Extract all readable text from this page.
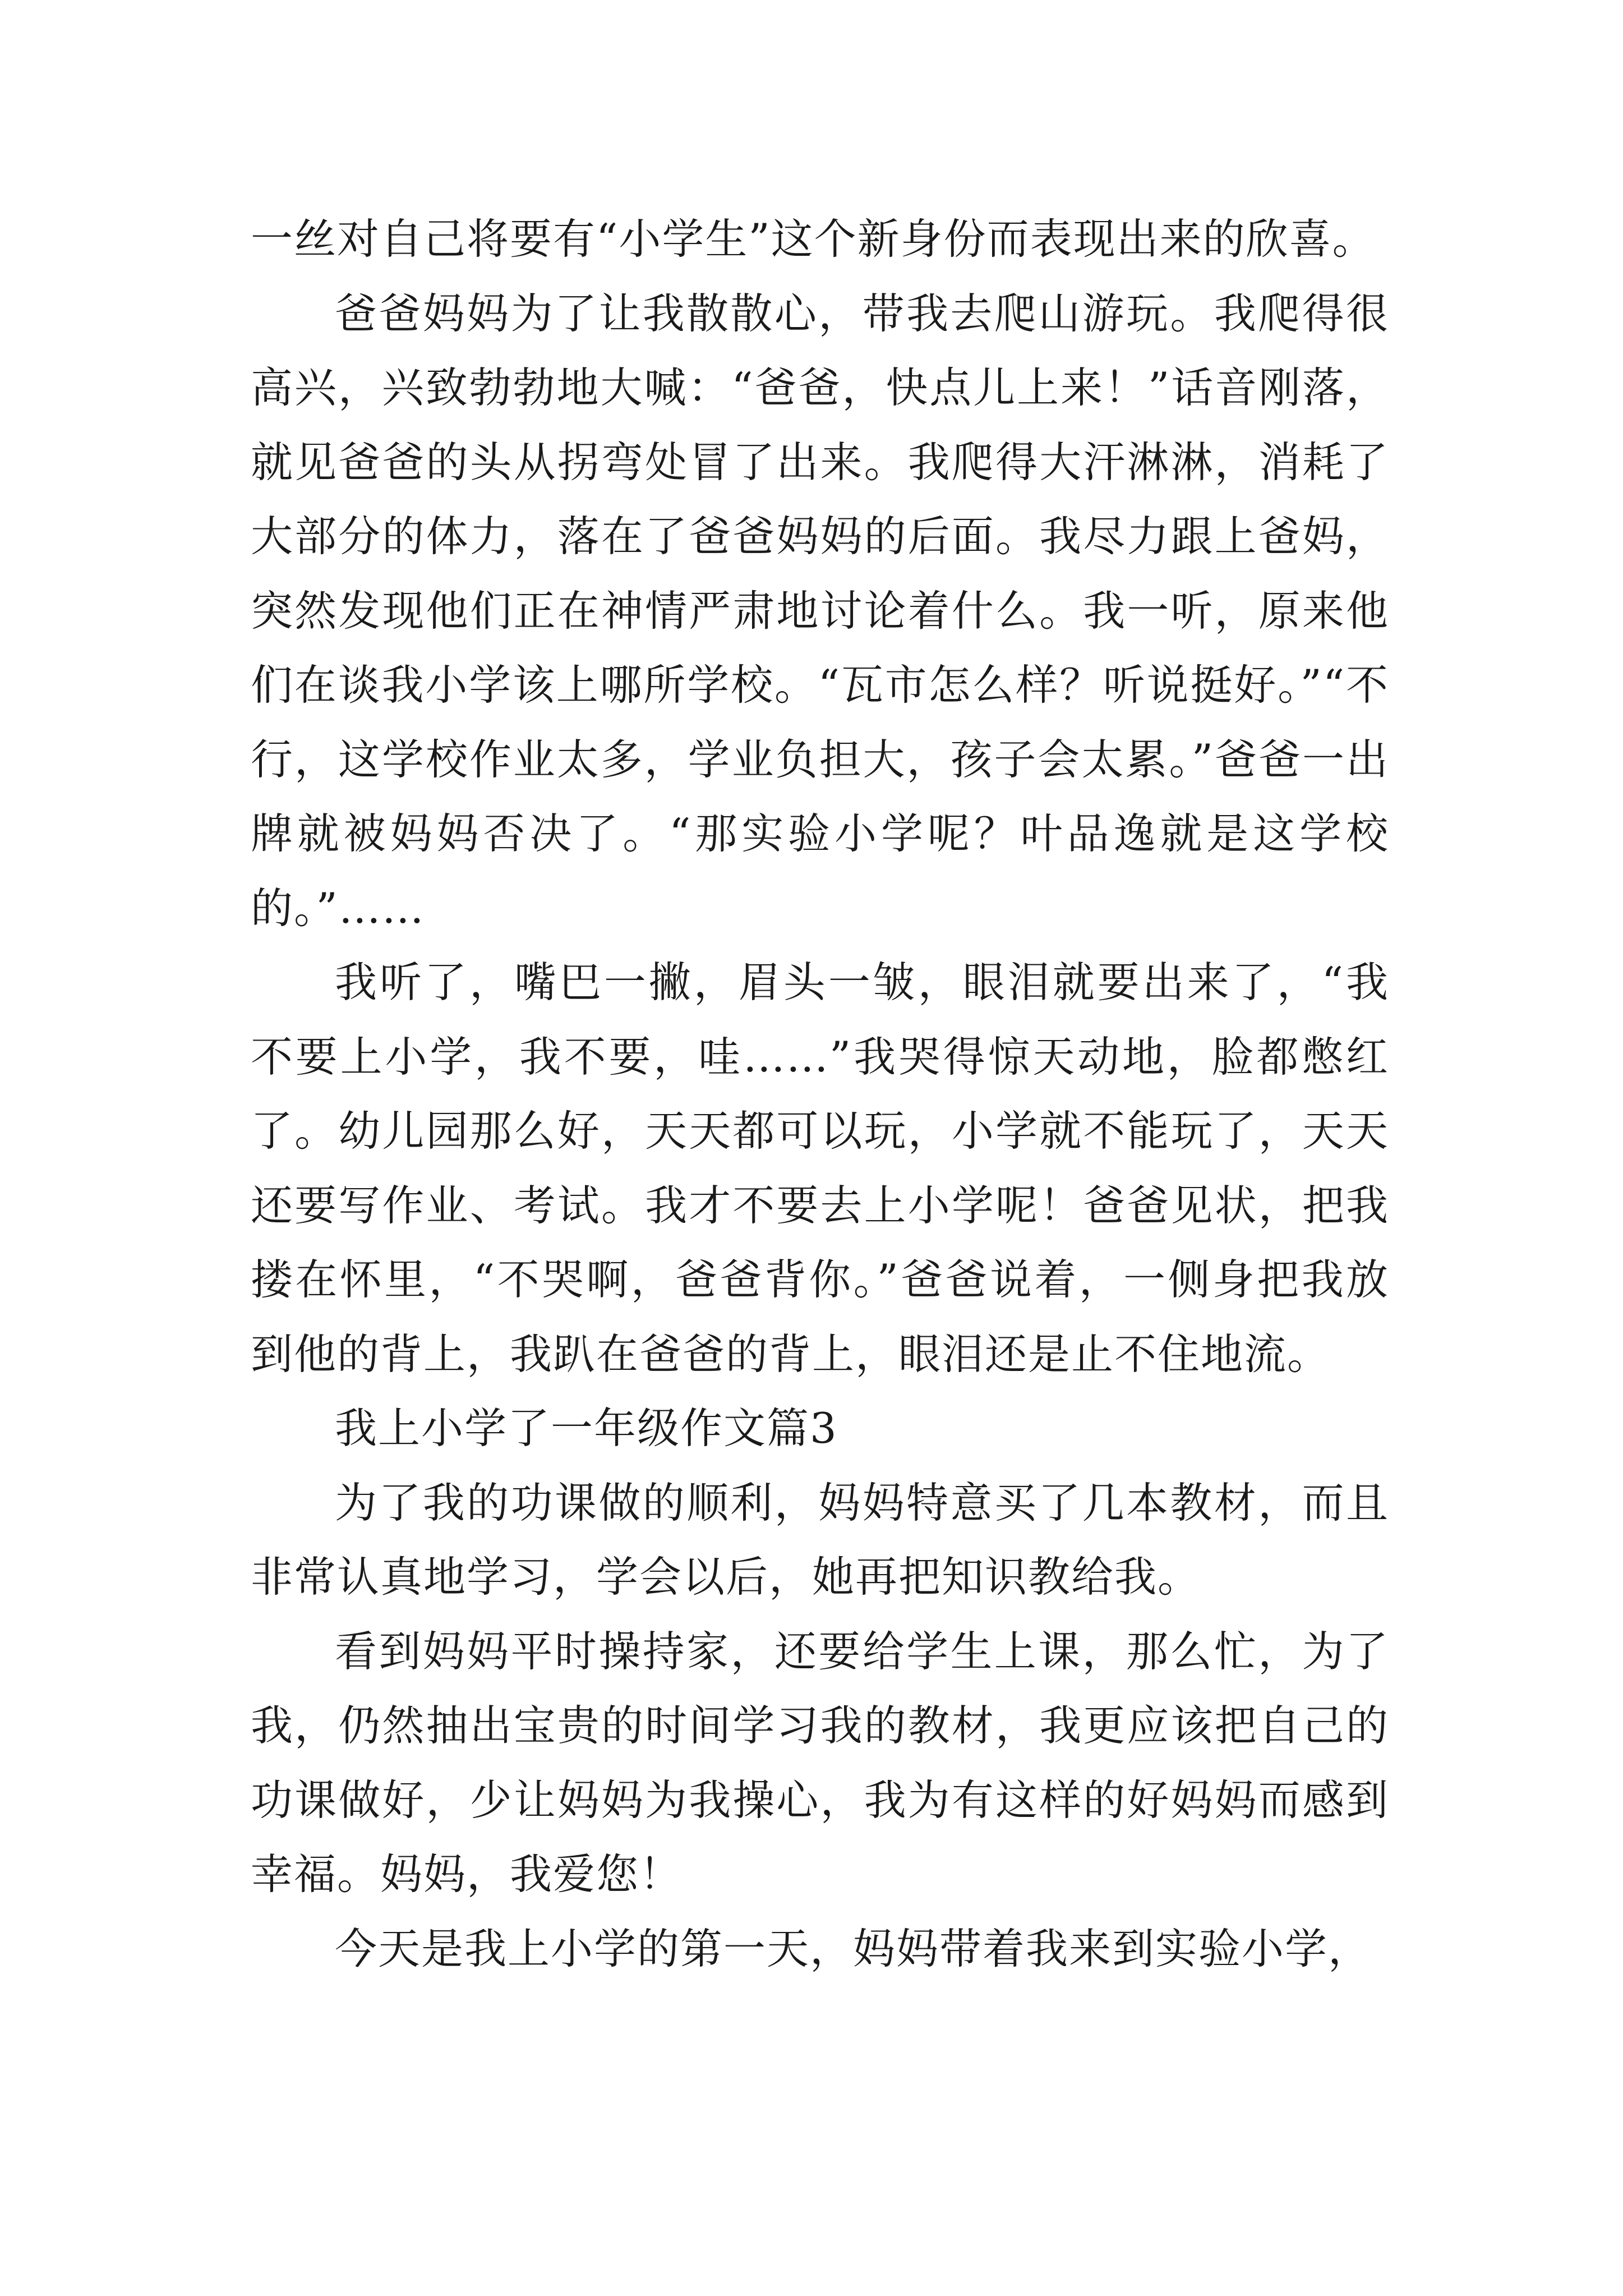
一丝对自己将要有“小学生”这个新身份而表现出来的欣喜。

爸爸妈妈为了让我散散心，带我去爬山游玩。我爬得很高兴，兴致勃勃地大喊：“爸爸，快点儿上来！”话音刚落，就见爸爸的头从拐弯处冒了出来。我爬得大汗淋淋，消耗了大部分的体力，落在了爸爸妈妈的后面。我尽力跟上爸妈，突然发现他们正在神情严肃地讨论着什么。我一听，原来他们在谈我小学该上哪所学校。“瓦市怎么样？听说挺好。”“不行，这学校作业太多，学业负担大，孩子会太累。”爸爸一出牌就被妈妈否决了。“那实验小学呢？叶品逸就是这学校的。”……

我听了，嘴巴一撇，眉头一皱，眼泪就要出来了，“我不要上小学，我不要，哇……”我哭得惊天动地，脸都憋红了。幼儿园那么好，天天都可以玩，小学就不能玩了，天天还要写作业、考试。我才不要去上小学呢！爸爸见状，把我搂在怀里，“不哭啊，爸爸背你。”爸爸说着，一侧身把我放到他的背上，我趴在爸爸的背上，眼泪还是止不住地流。

我上小学了一年级作文篇3

为了我的功课做的顺利，妈妈特意买了几本教材，而且非常认真地学习，学会以后，她再把知识教给我。

看到妈妈平时操持家，还要给学生上课，那么忙，为了我，仍然抽出宝贵的时间学习我的教材，我更应该把自己的功课做好，少让妈妈为我操心，我为有这样的好妈妈而感到幸福。妈妈，我爱您！

今天是我上小学的第一天，妈妈带着我来到实验小学，
